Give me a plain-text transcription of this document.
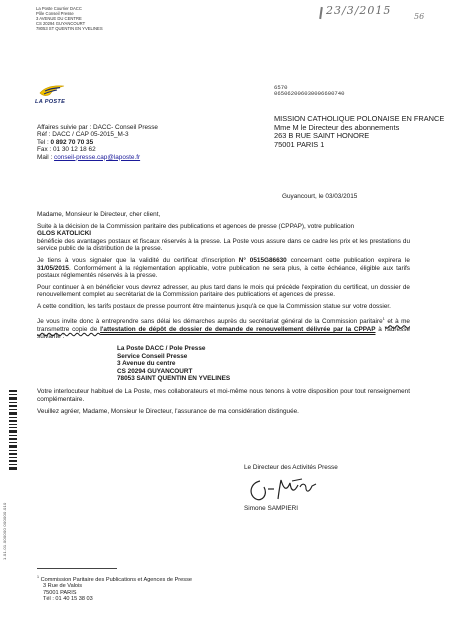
23/3/2015	56
La Poste Courrier DACC
Pôle Conseil Presse
3 AVENUE DU CENTRE
CS 20294 GUYANCOURT
78053 ST QUENTIN EN YVELINES
LA POSTE
6570
065062006030006600740
MISSION CATHOLIQUE POLONAISE EN FRANCE
Mme M le Directeur des abonnements
263 B RUE SAINT HONORE
75001 PARIS 1
Affaires suivie par : DACC- Conseil Presse
Réf : DACC / CAP 05-2015_M-3
Tel : 0 892 70 70 35
Fax : 01 30 12 18 62
Mail : conseil-presse.cap@laposte.fr
Guyancourt, le 03/03/2015

Madame, Monsieur le Directeur, cher client,

Suite à la décision de la Commission paritaire des publications et agences de presse (CPPAP), votre publication
GLOS KATOLICKI
bénéficie des avantages postaux et fiscaux réservés à la presse. La Poste vous assure dans ce cadre les prix et les prestations du service public de la distribution de la presse.

Je tiens à vous signaler que la validité du certificat d'inscription N° 0515G86630 concernant cette publication expirera le 31/05/2015. Conformément à la réglementation applicable, votre publication ne sera plus, à cette échéance, éligible aux tarifs postaux réglementés réservés à la presse.

Pour continuer à en bénéficier vous devrez adresser, au plus tard dans le mois qui précède l'expiration du certificat, un dossier de renouvellement complet au secrétariat de la Commission paritaire des publications et agences de presse.

A cette condition, les tarifs postaux de presse pourront être maintenus jusqu'à ce que la Commission statue sur votre dossier.

Je vous invite donc à entreprendre sans délai les démarches auprès du secrétariat général de la Commission paritaire$^1$ et à me transmettre copie de l'attestation de dépôt de dossier de demande de renouvellement délivrée par la CPPAP à l'adresse suivante :

La Poste DACC / Pole Presse
Service Conseil Presse
3 Avenue du centre
CS 20294 GUYANCOURT
78053 SAINT QUENTIN EN YVELINES

Votre interlocuteur habituel de La Poste, mes collaborateurs et moi-même nous tenons à votre disposition pour tout renseignement complémentaire.

Veuillez agréer, Madame, Monsieur le Directeur, l'assurance de ma considération distinguée.

Le Directeur des Activités Presse
Simone SAMPIERI
$^1$ Commission Paritaire des Publications et Agences de Presse
3 Rue de Valois
75001 PARIS
Tél : 01 40 15 38 03
1.01.01.000000 000000.010
